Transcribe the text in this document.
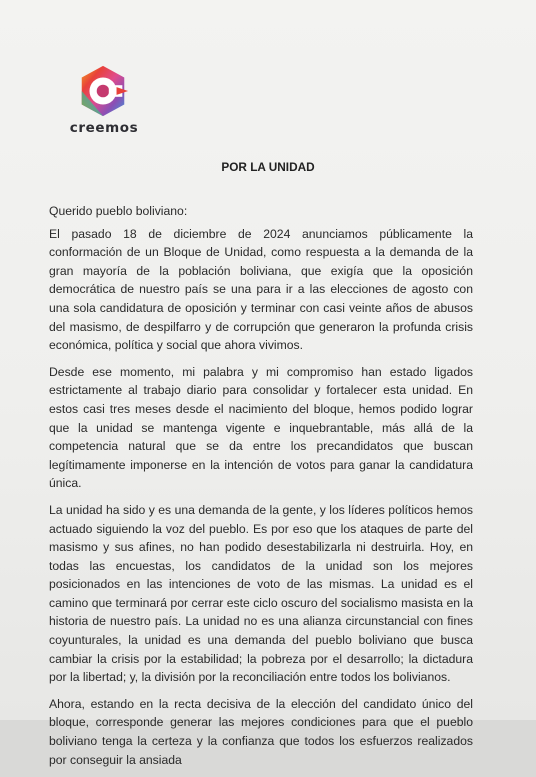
creemos
POR LA UNIDAD

Querido pueblo boliviano:

El pasado 18 de diciembre de 2024 anunciamos públicamente la conformación de un Bloque de Unidad, como respuesta a la demanda de la gran mayoría de la población boliviana, que exigía que la oposición democrática de nuestro país se una para ir a las elecciones de agosto con una sola candidatura de oposición y terminar con casi veinte años de abusos del masismo, de despilfarro y de corrupción que generaron la profunda crisis económica, política y social que ahora vivimos.

Desde ese momento, mi palabra y mi compromiso han estado ligados estrictamente al trabajo diario para consolidar y fortalecer esta unidad. En estos casi tres meses desde el nacimiento del bloque, hemos podido lograr que la unidad se mantenga vigente e inquebrantable, más allá de la competencia natural que se da entre los precandidatos que buscan legítimamente imponerse en la intención de votos para ganar la candidatura única.

La unidad ha sido y es una demanda de la gente, y los líderes políticos hemos actuado siguiendo la voz del pueblo. Es por eso que los ataques de parte del masismo y sus afines, no han podido desestabilizarla ni destruirla. Hoy, en todas las encuestas, los candidatos de la unidad son los mejores posicionados en las intenciones de voto de las mismas. La unidad es el camino que terminará por cerrar este ciclo oscuro del socialismo masista en la historia de nuestro país. La unidad no es una alianza circunstancial con fines coyunturales, la unidad es una demanda del pueblo boliviano que busca cambiar la crisis por la estabilidad; la pobreza por el desarrollo; la dictadura por la libertad; y, la división por la reconciliación entre todos los bolivianos.

Ahora, estando en la recta decisiva de la elección del candidato único del bloque, corresponde generar las mejores condiciones para que el pueblo boliviano tenga la certeza y la confianza que todos los esfuerzos realizados por conseguir la ansiada
